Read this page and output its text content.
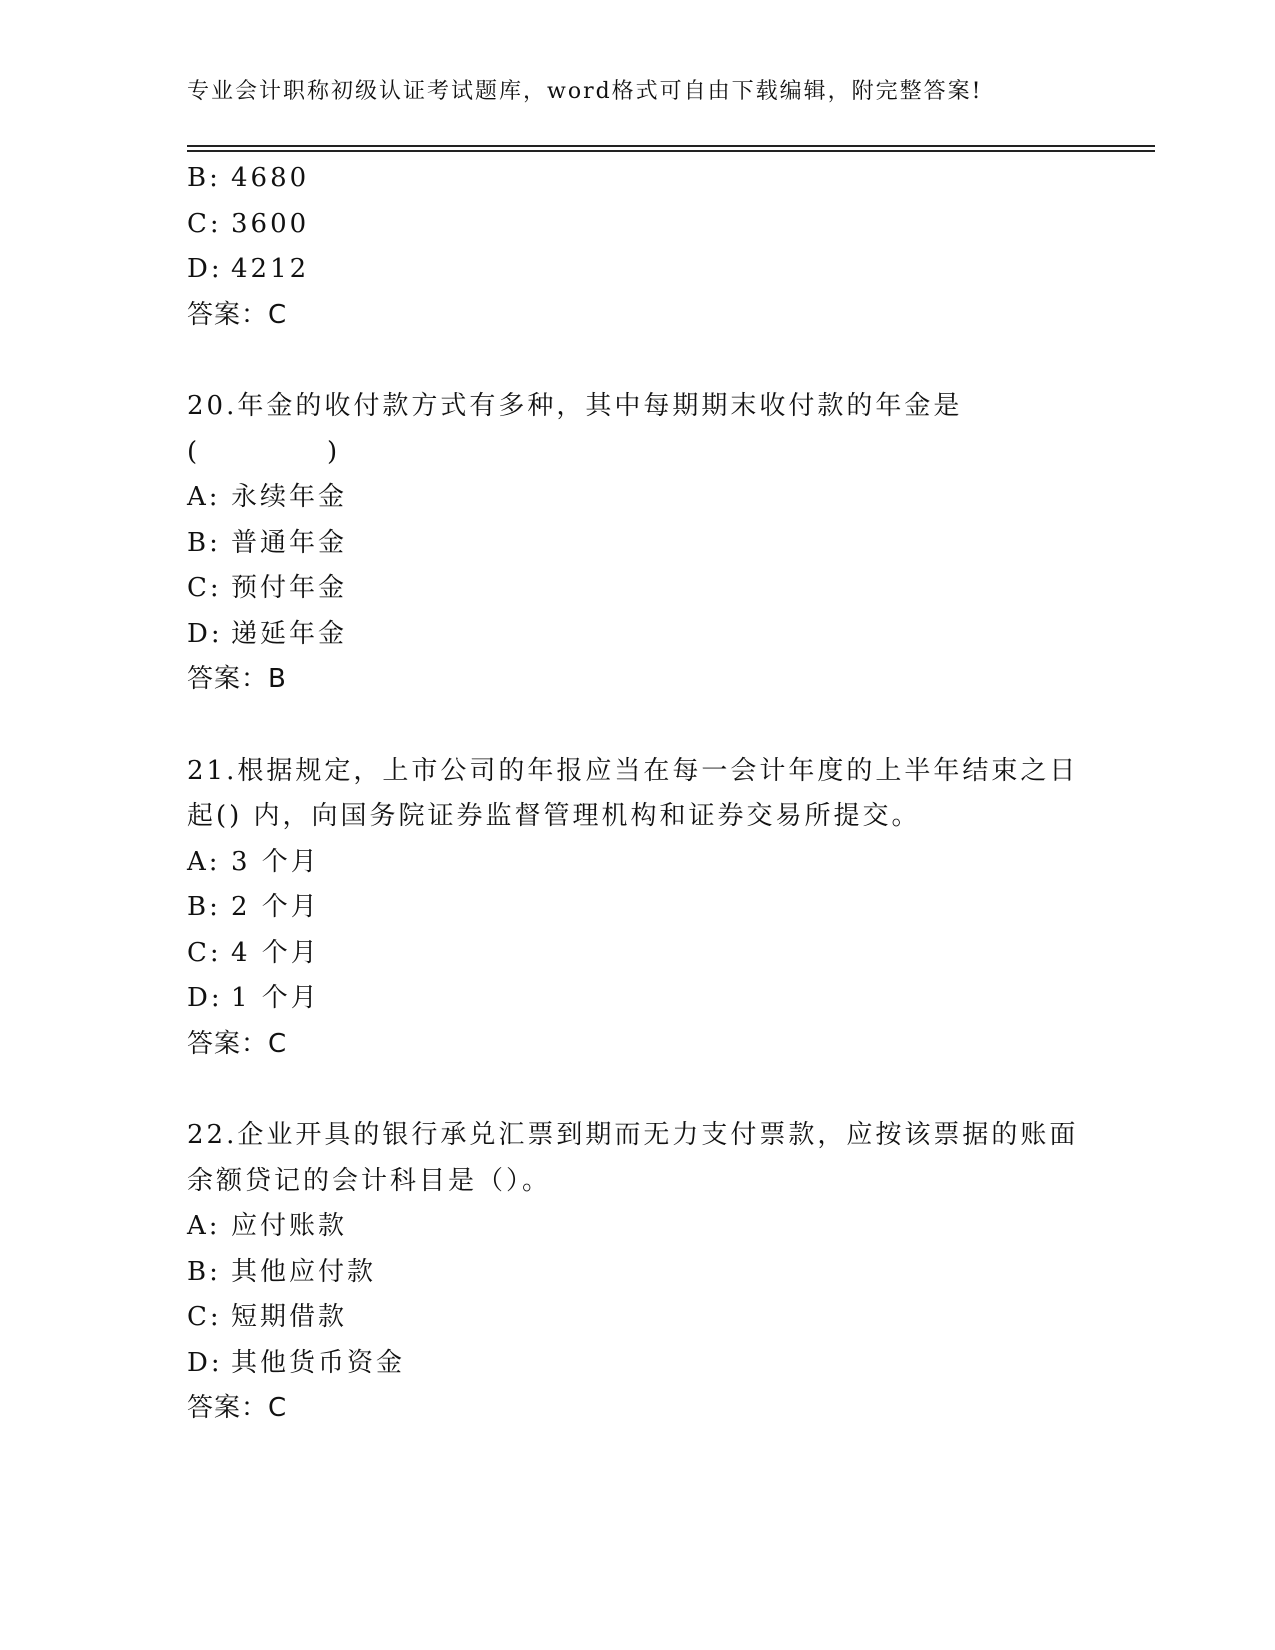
专业会计职称初级认证考试题库，word格式可自由下载编辑，附完整答案!
B: 4680
C: 3600
D: 4212
答案：C
20.年金的收付款方式有多种，其中每期期末收付款的年金是
(	)
A: 永续年金
B: 普通年金
C: 预付年金
D: 递延年金
答案：B
21.根据规定，上市公司的年报应当在每一会计年度的上半年结束之日
起() 内，向国务院证券监督管理机构和证券交易所提交。
A: 3 个月
B: 2 个月
C: 4 个月
D: 1 个月
答案：C
22.企业开具的银行承兑汇票到期而无力支付票款，应按该票据的账面
余额贷记的会计科目是（）。
A: 应付账款
B: 其他应付款
C: 短期借款
D: 其他货币资金
答案：C
